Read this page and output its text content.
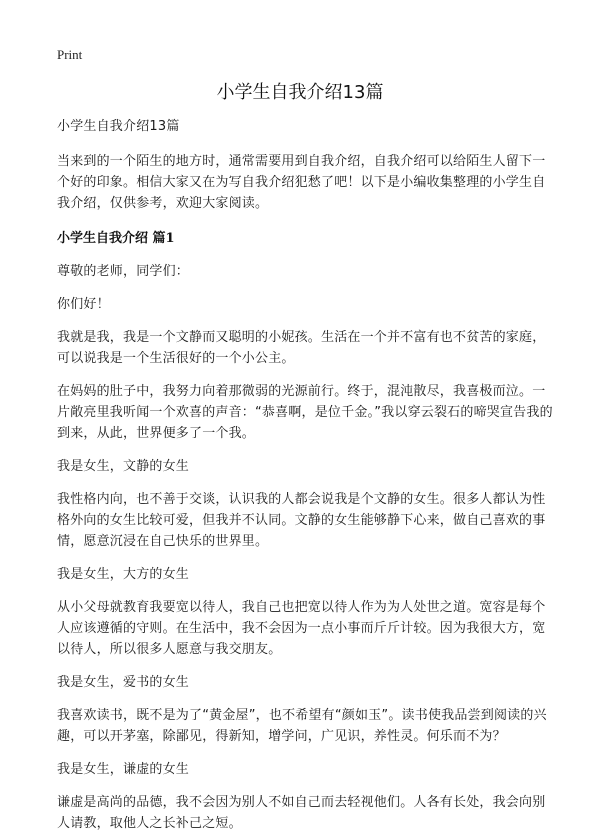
Print
小学生自我介绍13篇

小学生自我介绍13篇

当来到的一个陌生的地方时，通常需要用到自我介绍，自我介绍可以给陌生人留下一个好的印象。相信大家又在为写自我介绍犯愁了吧！以下是小编收集整理的小学生自我介绍，仅供参考，欢迎大家阅读。

小学生自我介绍 篇1

尊敬的老师，同学们：

你们好！

我就是我，我是一个文静而又聪明的小妮孩。生活在一个并不富有也不贫苦的家庭，可以说我是一个生活很好的一个小公主。

在妈妈的肚子中，我努力向着那微弱的光源前行。终于，混沌散尽，我喜极而泣。一片敞亮里我听闻一个欢喜的声音：“恭喜啊，是位千金。”我以穿云裂石的啼哭宣告我的到来，从此，世界便多了一个我。

我是女生，文静的女生

我性格内向，也不善于交谈，认识我的人都会说我是个文静的女生。很多人都认为性格外向的女生比较可爱，但我并不认同。文静的女生能够静下心来，做自己喜欢的事情，愿意沉浸在自己快乐的世界里。

我是女生，大方的女生

从小父母就教育我要宽以待人，我自己也把宽以待人作为为人处世之道。宽容是每个人应该遵循的守则。在生活中，我不会因为一点小事而斤斤计较。因为我很大方，宽以待人，所以很多人愿意与我交朋友。

我是女生，爱书的女生

我喜欢读书，既不是为了“黄金屋”，也不希望有“颜如玉”。读书使我品尝到阅读的兴趣，可以开茅塞，除鄙见，得新知，增学问，广见识，养性灵。何乐而不为？

我是女生，谦虚的女生

谦虚是高尚的品德，我不会因为别人不如自己而去轻视他们。人各有长处，我会向别人请教，取他人之长补己之短。
